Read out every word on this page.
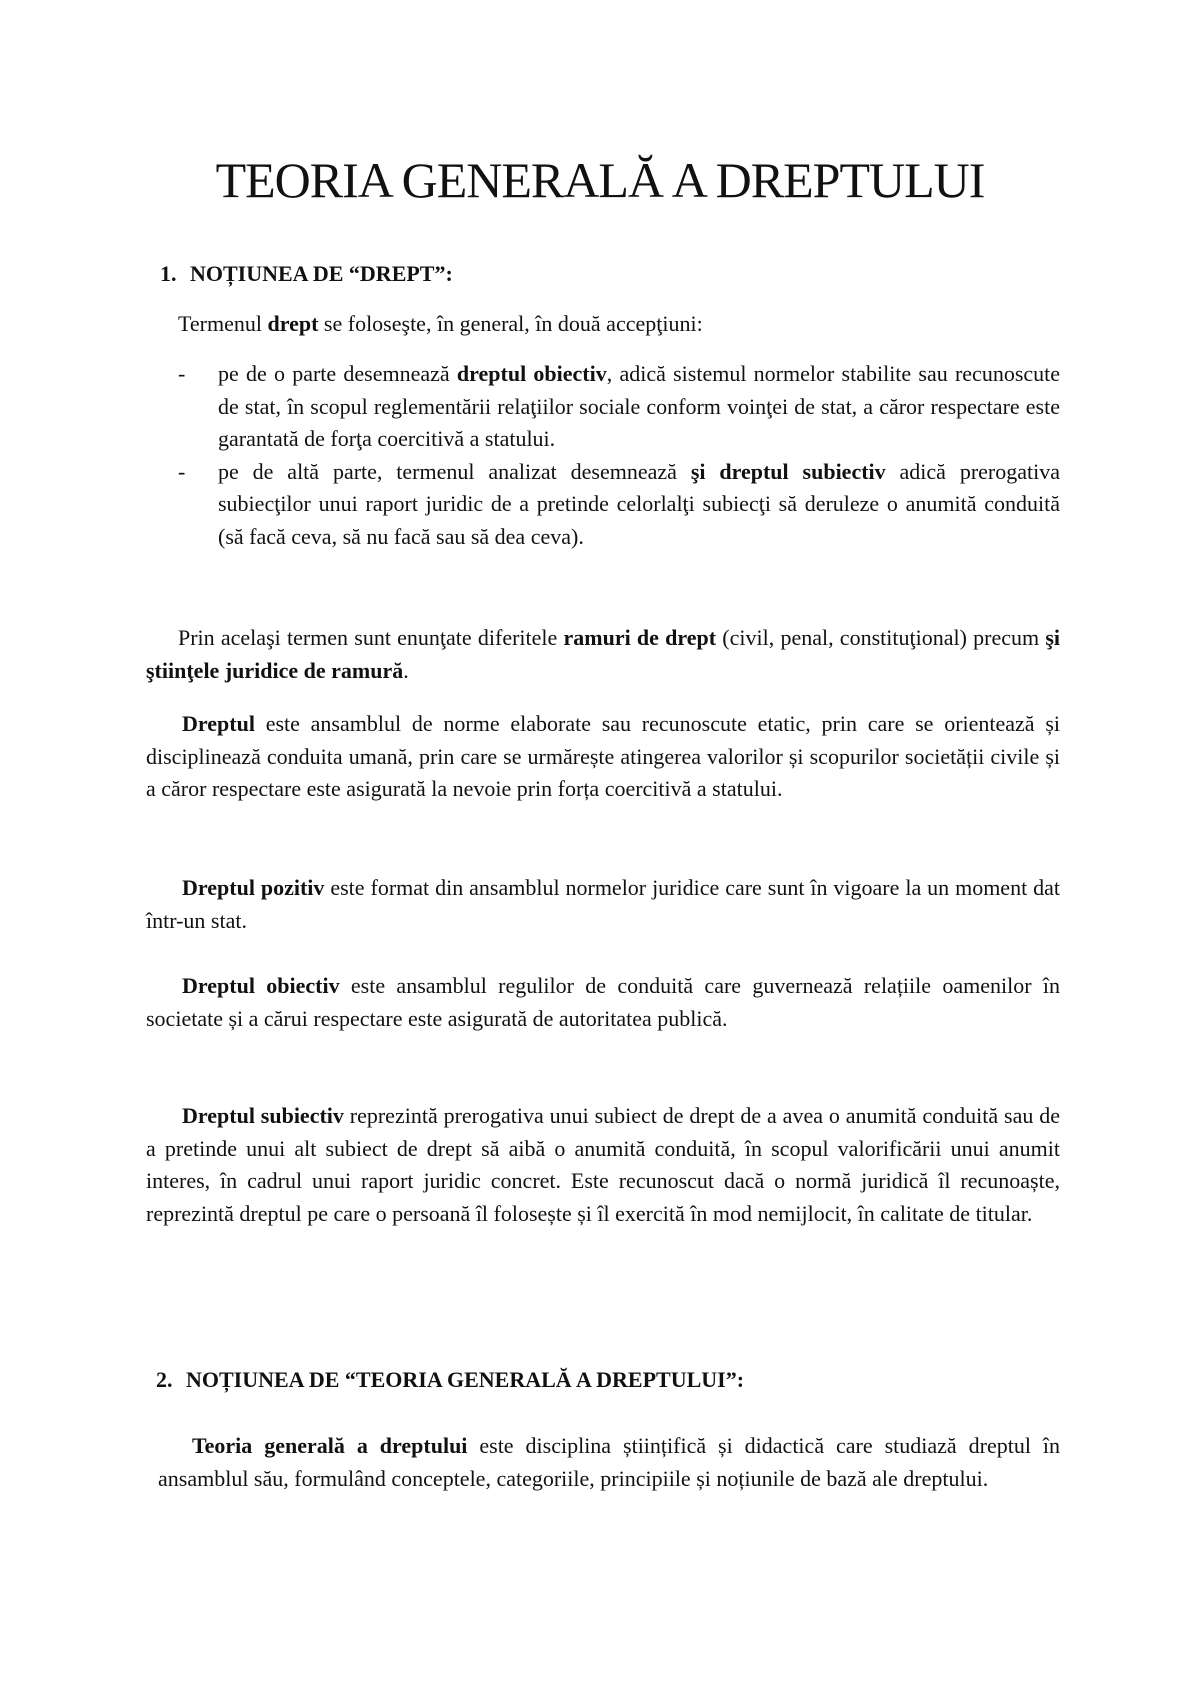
TEORIA GENERALĂ A DREPTULUI
1. NOȚIUNEA DE “DREPT”:

Termenul drept se foloseşte, în general, în două accepţiuni:

- pe de o parte desemnează dreptul obiectiv, adică sistemul normelor stabilite sau recunoscute de stat, în scopul reglementării relaţiilor sociale conform voinţei de stat, a căror respectare este garantată de forţa coercitivă a statului.
- pe de altă parte, termenul analizat desemnează şi dreptul subiectiv adică prerogativa subiecţilor unui raport juridic de a pretinde celorlalţi subiecţi să deruleze o anumită conduită (să facă ceva, să nu facă sau să dea ceva).

Prin acelaşi termen sunt enunţate diferitele ramuri de drept (civil, penal, constituţional) precum şi ştiinţele juridice de ramură.

Dreptul este ansamblul de norme elaborate sau recunoscute etatic, prin care se orientează și disciplinează conduita umană, prin care se urmărește atingerea valorilor și scopurilor societății civile și a căror respectare este asigurată la nevoie prin forța coercitivă a statului.

Dreptul pozitiv este format din ansamblul normelor juridice care sunt în vigoare la un moment dat într-un stat.

Dreptul obiectiv este ansamblul regulilor de conduită care guvernează relațiile oamenilor în societate și a cărui respectare este asigurată de autoritatea publică.

Dreptul subiectiv reprezintă prerogativa unui subiect de drept de a avea o anumită conduită sau de a pretinde unui alt subiect de drept să aibă o anumită conduită, în scopul valorificării unui anumit interes, în cadrul unui raport juridic concret. Este recunoscut dacă o normă juridică îl recunoaște, reprezintă dreptul pe care o persoană îl folosește și îl exercită în mod nemijlocit, în calitate de titular.

2. NOȚIUNEA DE “TEORIA GENERALĂ A DREPTULUI”:

Teoria generală a dreptului este disciplina științifică și didactică care studiază dreptul în ansamblul său, formulând conceptele, categoriile, principiile și noțiunile de bază ale dreptului.
